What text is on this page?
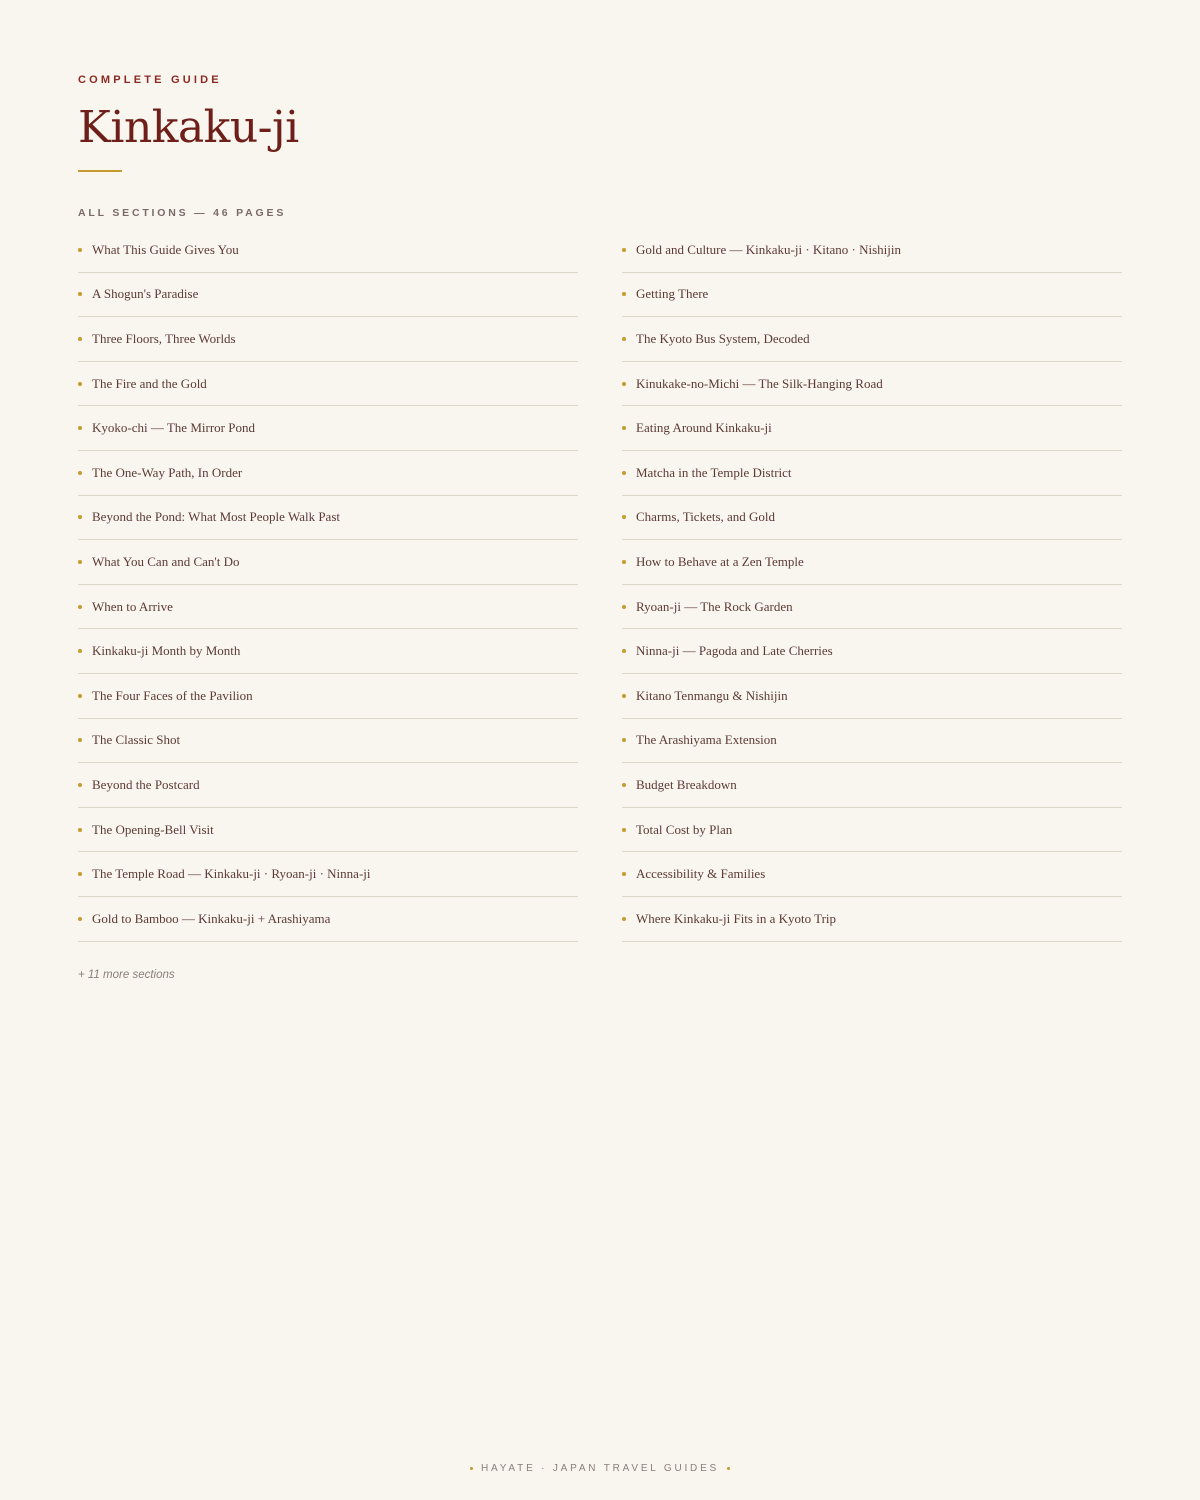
COMPLETE GUIDE
Kinkaku-ji
ALL SECTIONS — 46 PAGES
What This Guide Gives You
A Shogun's Paradise
Three Floors, Three Worlds
The Fire and the Gold
Kyoko-chi — The Mirror Pond
The One-Way Path, In Order
Beyond the Pond: What Most People Walk Past
What You Can and Can't Do
When to Arrive
Kinkaku-ji Month by Month
The Four Faces of the Pavilion
The Classic Shot
Beyond the Postcard
The Opening-Bell Visit
The Temple Road — Kinkaku-ji · Ryoan-ji · Ninna-ji
Gold to Bamboo — Kinkaku-ji + Arashiyama
Gold and Culture — Kinkaku-ji · Kitano · Nishijin
Getting There
The Kyoto Bus System, Decoded
Kinukake-no-Michi — The Silk-Hanging Road
Eating Around Kinkaku-ji
Matcha in the Temple District
Charms, Tickets, and Gold
How to Behave at a Zen Temple
Ryoan-ji — The Rock Garden
Ninna-ji — Pagoda and Late Cherries
Kitano Tenmangu & Nishijin
The Arashiyama Extension
Budget Breakdown
Total Cost by Plan
Accessibility & Families
Where Kinkaku-ji Fits in a Kyoto Trip
+ 11 more sections
HAYATE · JAPAN TRAVEL GUIDES
